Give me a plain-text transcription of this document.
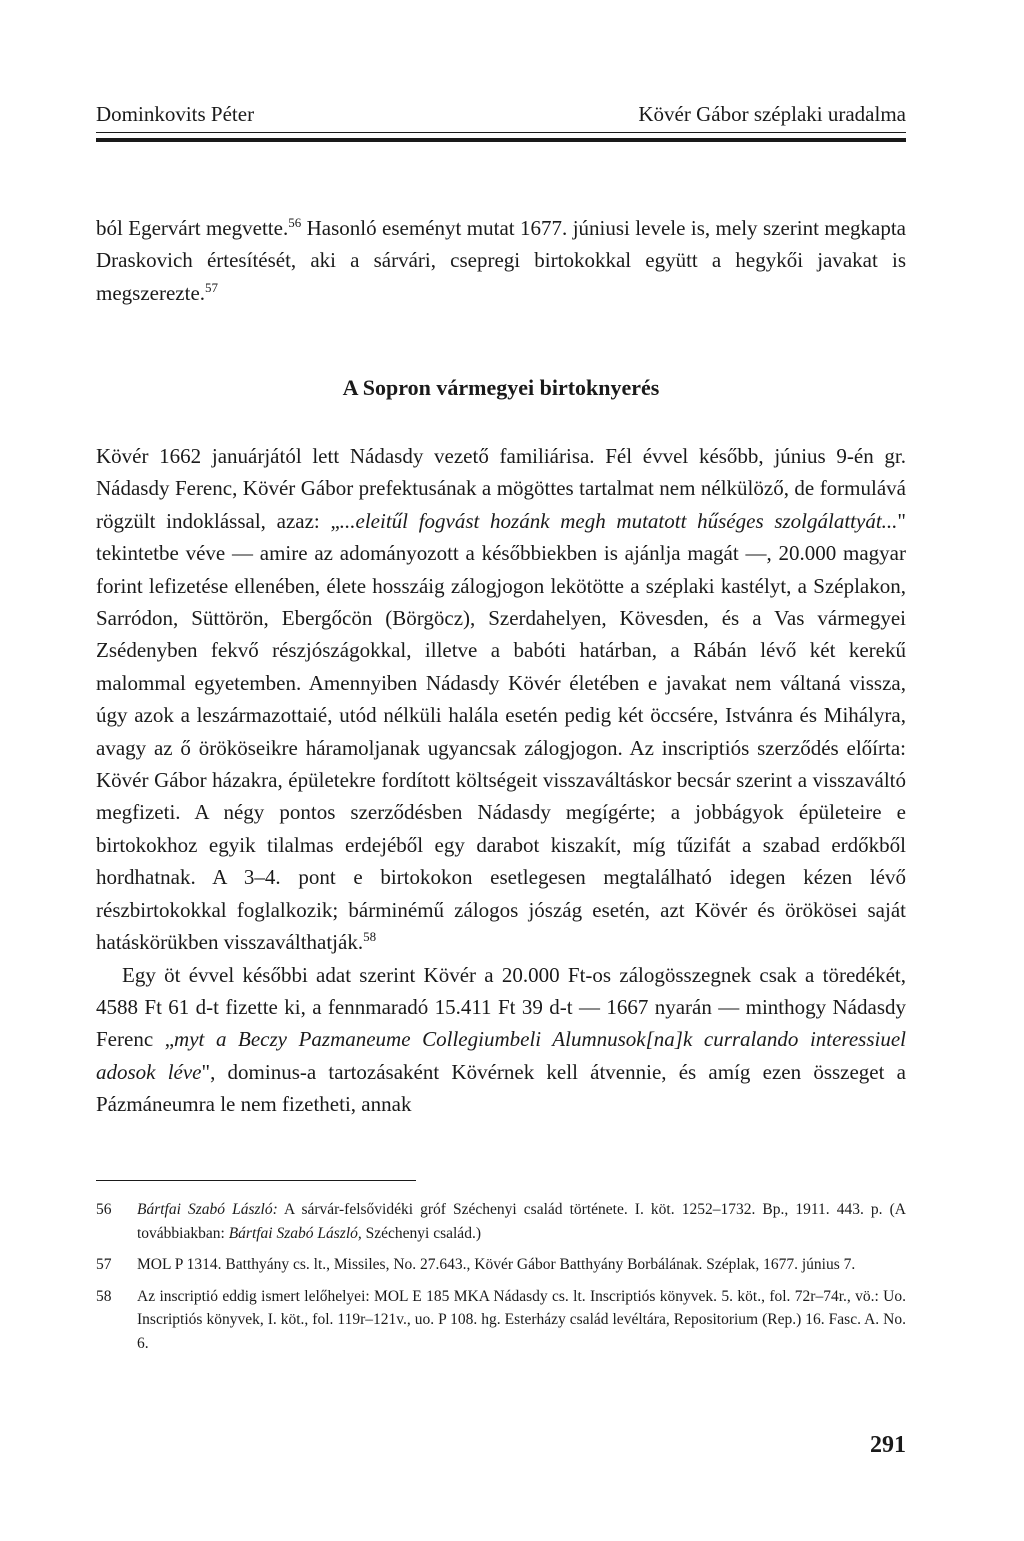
Dominkovits Péter	Kövér Gábor széplaki uradalma

ból Egervárt megvette.$^{56}$ Hasonló eseményt mutat 1677. júniusi levele is, mely szerint megkapta Draskovich értesítését, aki a sárvári, csepregi birtokokkal együtt a hegykői javakat is megszerezte.$^{57}$

A Sopron vármegyei birtoknyerés

Kövér 1662 januárjától lett Nádasdy vezető familiárisa. Fél évvel később, június 9-én gr. Nádasdy Ferenc, Kövér Gábor prefektusának a mögöttes tartalmat nem nélkülöző, de formulává rögzült indoklással, azaz: „...eleitűl fogvást hozánk megh mutatott hűséges szolgálattyát..." tekintetbe véve — amire az adományozott a későbbiekben is ajánlja magát —, 20.000 magyar forint lefizetése ellenében, élete hosszáig zálogjogon lekötötte a széplaki kastélyt, a Széplakon, Sarródon, Süttörön, Ebergőcön (Börgöcz), Szerdahelyen, Kövesden, és a Vas vármegyei Zsédenyben fekvő részjószágokkal, illetve a babóti határban, a Rábán lévő két kerekű malommal egyetemben. Amennyiben Nádasdy Kövér életében e javakat nem váltaná vissza, úgy azok a leszármazottaié, utód nélküli halála esetén pedig két öccsére, Istvánra és Mihályra, avagy az ő örököseikre háramoljanak ugyancsak zálogjogon. Az inscriptiós szerződés előírta: Kövér Gábor házakra, épületekre fordított költségeit visszaváltáskor becsár szerint a visszaváltó megfizeti. A négy pontos szerződésben Nádasdy megígérte; a jobbágyok épületeire e birtokokhoz egyik tilalmas erdejéből egy darabot kiszakít, míg tűzifát a szabad erdőkből hordhatnak. A 3–4. pont e birtokokon esetlegesen megtalálható idegen kézen lévő részbirtokokkal foglalkozik; bárminémű zálogos jószág esetén, azt Kövér és örökösei saját hatáskörükben visszaválthatják.$^{58}$

Egy öt évvel későbbi adat szerint Kövér a 20.000 Ft-os zálogösszegnek csak a töredékét, 4588 Ft 61 d-t fizette ki, a fennmaradó 15.411 Ft 39 d-t — 1667 nyarán — minthogy Nádasdy Ferenc „myt a Beczy Pazmaneume Collegiumbeli Alumnusok[na]k curralando interessiuel adosok léve", dominus-a tartozásaként Kövérnek kell átvennie, és amíg ezen összeget a Pázmáneumra le nem fizetheti, annak

56 Bártfai Szabó László: A sárvár-felsővidéki gróf Széchenyi család története. I. köt. 1252–1732. Bp., 1911. 443. p. (A továbbiakban: Bártfai Szabó László, Széchenyi család.)
57 MOL P 1314. Batthyány cs. lt., Missiles, No. 27.643., Kövér Gábor Batthyány Borbálának. Széplak, 1677. június 7.
58 Az inscriptió eddig ismert lelőhelyei: MOL E 185 MKA Nádasdy cs. lt. Inscriptiós könyvek. 5. köt., fol. 72r–74r., vö.: Uo. Inscriptiós könyvek, I. köt., fol. 119r–121v., uo. P 108. hg. Esterházy család levéltára, Repositorium (Rep.) 16. Fasc. A. No. 6.
291
